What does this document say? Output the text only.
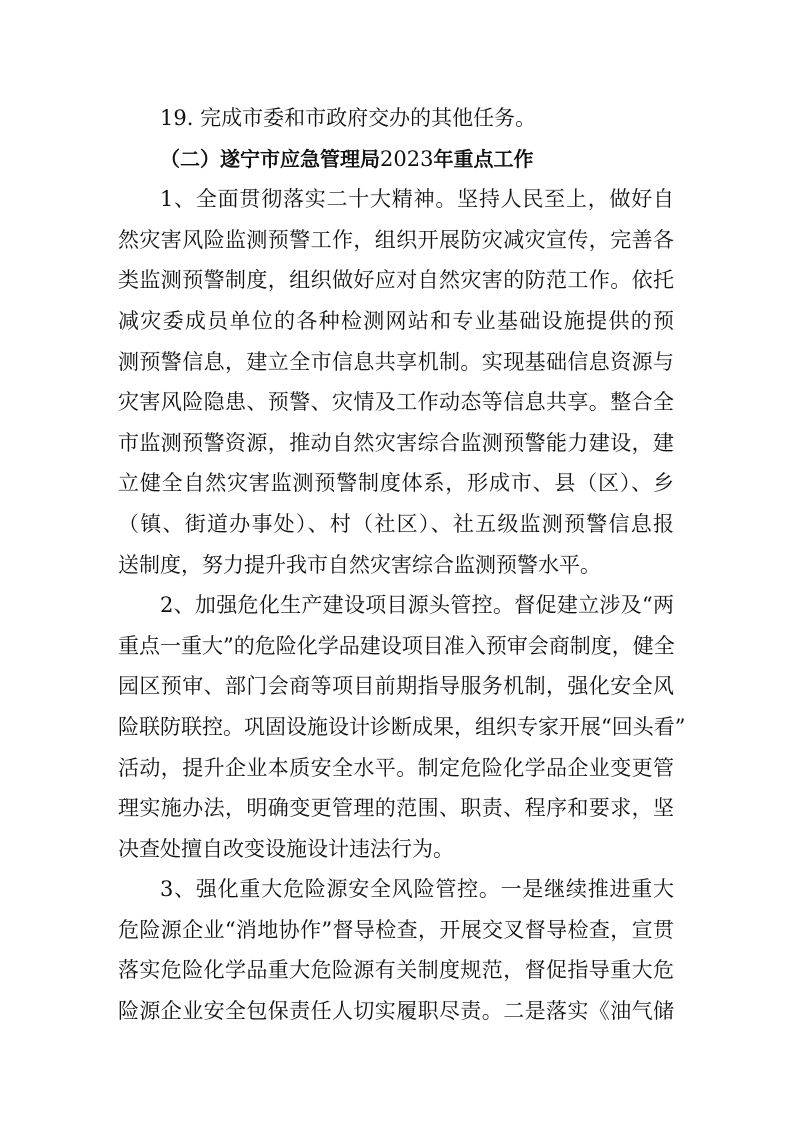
19. 完成市委和市政府交办的其他任务。
（二）遂宁市应急管理局2023年重点工作
1、全面贯彻落实二十大精神。坚持人民至上，做好自
然灾害风险监测预警工作，组织开展防灾减灾宣传，完善各
类监测预警制度，组织做好应对自然灾害的防范工作。依托
减灾委成员单位的各种检测网站和专业基础设施提供的预
测预警信息，建立全市信息共享机制。实现基础信息资源与
灾害风险隐患、预警、灾情及工作动态等信息共享。整合全
市监测预警资源，推动自然灾害综合监测预警能力建设，建
立健全自然灾害监测预警制度体系，形成市、县（区）、乡
（镇、街道办事处）、村（社区）、社五级监测预警信息报
送制度，努力提升我市自然灾害综合监测预警水平。
2、加强危化生产建设项目源头管控。督促建立涉及“两
重点一重大”的危险化学品建设项目准入预审会商制度，健全
园区预审、部门会商等项目前期指导服务机制，强化安全风
险联防联控。巩固设施设计诊断成果，组织专家开展“回头看”
活动，提升企业本质安全水平。制定危险化学品企业变更管
理实施办法，明确变更管理的范围、职责、程序和要求，坚
决查处擅自改变设施设计违法行为。
3、强化重大危险源安全风险管控。一是继续推进重大
危险源企业“消地协作”督导检查，开展交叉督导检查，宣贯
落实危险化学品重大危险源有关制度规范，督促指导重大危
险源企业安全包保责任人切实履职尽责。二是落实《油气储
